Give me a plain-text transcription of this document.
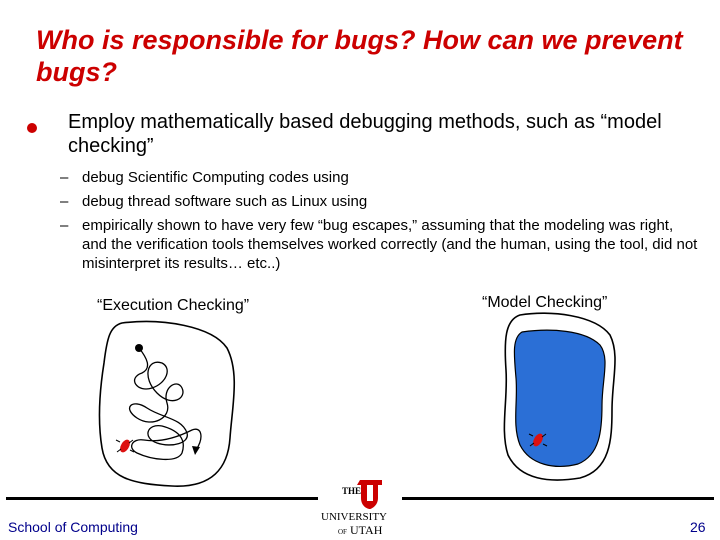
Who is responsible for bugs? How can we prevent bugs?
Employ mathematically based debugging methods, such as “model checking”
– debug Scientific Computing codes using
– debug thread software such as Linux using
– empirically shown to have very few “bug escapes,” assuming that the modeling was right, and the verification tools themselves worked correctly (and the human, using the tool, did not misinterpret its results… etc..)
“Execution Checking”	“Model Checking”
School of Computing	26
THE
UNIVERSITY
OF UTAH
